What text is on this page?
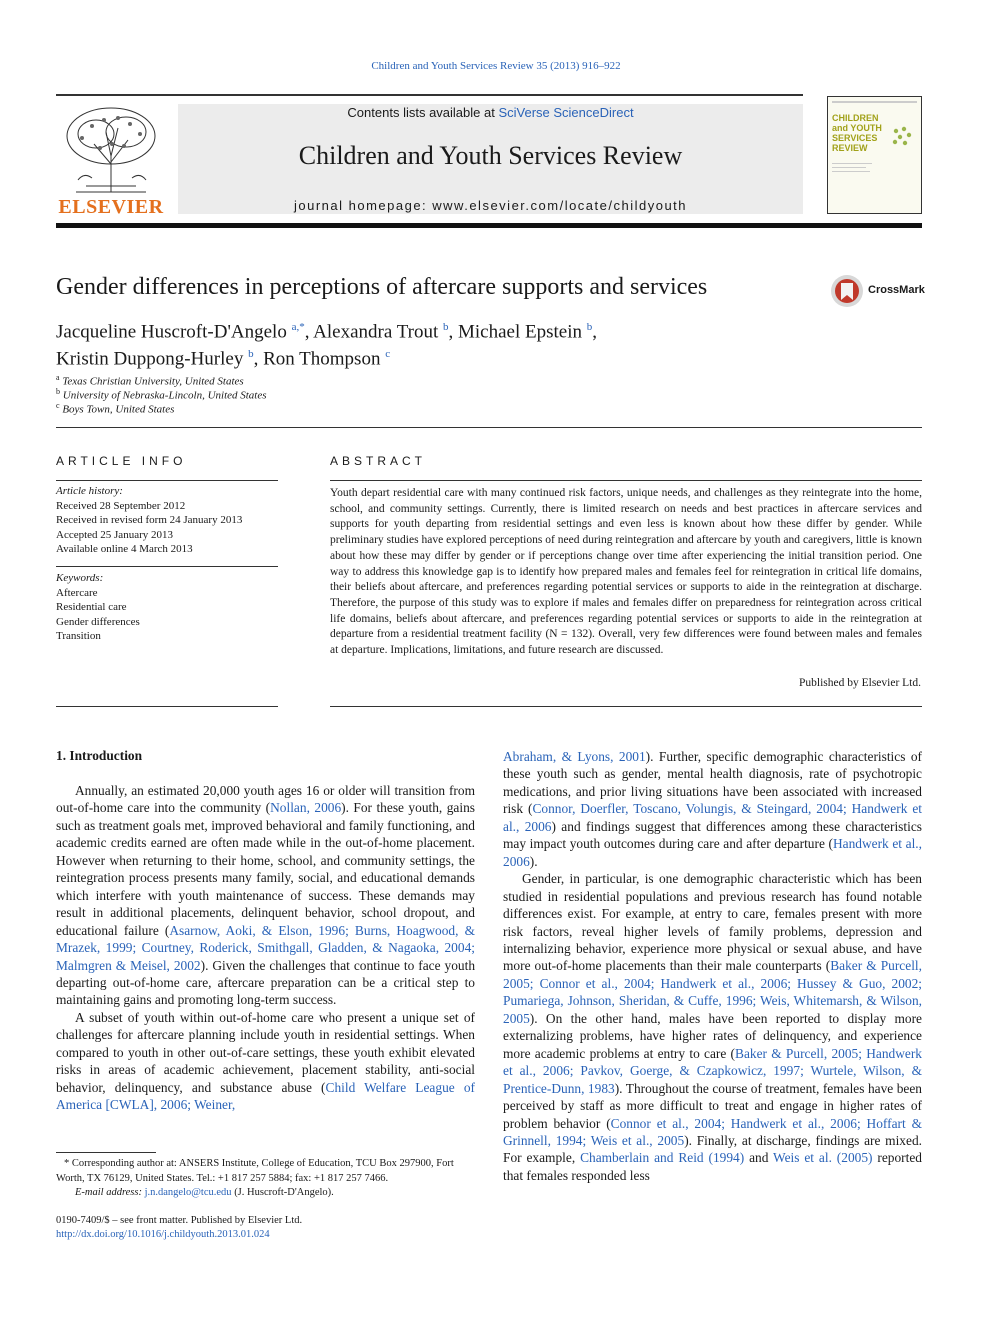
Children and Youth Services Review 35 (2013) 916–922
ELSEVIER
Contents lists available at SciVerse ScienceDirect
Children and Youth Services Review
journal homepage: www.elsevier.com/locate/childyouth
CHILDREN and YOUTH SERVICES REVIEW
Gender differences in perceptions of aftercare supports and services	CrossMark
Jacqueline Huscroft-D'Angelo $^{a,*}$, Alexandra Trout $^b$, Michael Epstein $^b$,
Kristin Duppong-Hurley $^b$, Ron Thompson $^c$
$^a$ Texas Christian University, United States
$^b$ University of Nebraska-Lincoln, United States
$^c$ Boys Town, United States
ARTICLE INFO
Article history:
Received 28 September 2012
Received in revised form 24 January 2013
Accepted 25 January 2013
Available online 4 March 2013
Keywords:
Aftercare
Residential care
Gender differences
Transition
ABSTRACT
Youth depart residential care with many continued risk factors, unique needs, and challenges as they reintegrate into the home, school, and community settings. Currently, there is limited research on needs and best practices in aftercare services and supports for youth departing from residential settings and even less is known about how these differ by gender. While preliminary studies have explored perceptions of need during reintegration and aftercare by youth and caregivers, little is known about how these may differ by gender or if perceptions change over time after experiencing the initial transition period. One way to address this knowledge gap is to identify how prepared males and females feel for reintegration in critical life domains, their beliefs about aftercare, and preferences regarding potential services or supports to aide in the reintegration at discharge. Therefore, the purpose of this study was to explore if males and females differ on preparedness for reintegration across critical life domains, beliefs about aftercare, and preferences regarding potential services or supports to aide in the reintegration at departure from a residential treatment facility (N = 132). Overall, very few differences were found between males and females at departure. Implications, limitations, and future research are discussed.
Published by Elsevier Ltd.
1. Introduction

Annually, an estimated 20,000 youth ages 16 or older will transition from out-of-home care into the community (Nollan, 2006). For these youth, gains such as treatment goals met, improved behavioral and family functioning, and academic credits earned are often made while in the out-of-home placement. However when returning to their home, school, and community settings, the reintegration process presents many family, social, and educational demands which interfere with youth maintenance of success. These demands may result in additional placements, delinquent behavior, school dropout, and educational failure (Asarnow, Aoki, & Elson, 1996; Burns, Hoagwood, & Mrazek, 1999; Courtney, Roderick, Smithgall, Gladden, & Nagaoka, 2004; Malmgren & Meisel, 2002). Given the challenges that continue to face youth departing out-of-home care, aftercare preparation can be a critical step to maintaining gains and promoting long-term success.

A subset of youth within out-of-home care who present a unique set of challenges for aftercare planning include youth in residential settings. When compared to youth in other out-of-care settings, these youth exhibit elevated risks in areas of academic achievement, placement stability, anti-social behavior, delinquency, and substance abuse (Child Welfare League of America [CWLA], 2006; Weiner,

Abraham, & Lyons, 2001). Further, specific demographic characteristics of these youth such as gender, mental health diagnosis, rate of psychotropic medications, and prior living situations have been associated with increased risk (Connor, Doerfler, Toscano, Volungis, & Steingard, 2004; Handwerk et al., 2006) and findings suggest that differences among these characteristics may impact youth outcomes during care and after departure (Handwerk et al., 2006).

Gender, in particular, is one demographic characteristic which has been studied in residential populations and previous research has found notable differences exist. For example, at entry to care, females present with more risk factors, reveal higher levels of family problems, depression and internalizing behavior, experience more physical or sexual abuse, and have more out-of-home placements than their male counterparts (Baker & Purcell, 2005; Connor et al., 2004; Handwerk et al., 2006; Hussey & Guo, 2002; Pumariega, Johnson, Sheridan, & Cuffe, 1996; Weis, Whitemarsh, & Wilson, 2005). On the other hand, males have been reported to display more externalizing problems, have higher rates of delinquency, and experience more academic problems at entry to care (Baker & Purcell, 2005; Handwerk et al., 2006; Pavkov, Goerge, & Czapkowicz, 1997; Wurtele, Wilson, & Prentice-Dunn, 1983). Throughout the course of treatment, females have been perceived by staff as more difficult to treat and engage in higher rates of problem behavior (Connor et al., 2004; Handwerk et al., 2006; Hoffart & Grinnell, 1994; Weis et al., 2005). Finally, at discharge, findings are mixed. For example, Chamberlain and Reid (1994) and Weis et al. (2005) reported that females responded less

* Corresponding author at: ANSERS Institute, College of Education, TCU Box 297900, Fort Worth, TX 76129, United States. Tel.: +1 817 257 5884; fax: +1 817 257 7466.
E-mail address: j.n.dangelo@tcu.edu (J. Huscroft-D'Angelo).
0190-7409/$ – see front matter. Published by Elsevier Ltd.
http://dx.doi.org/10.1016/j.childyouth.2013.01.024
